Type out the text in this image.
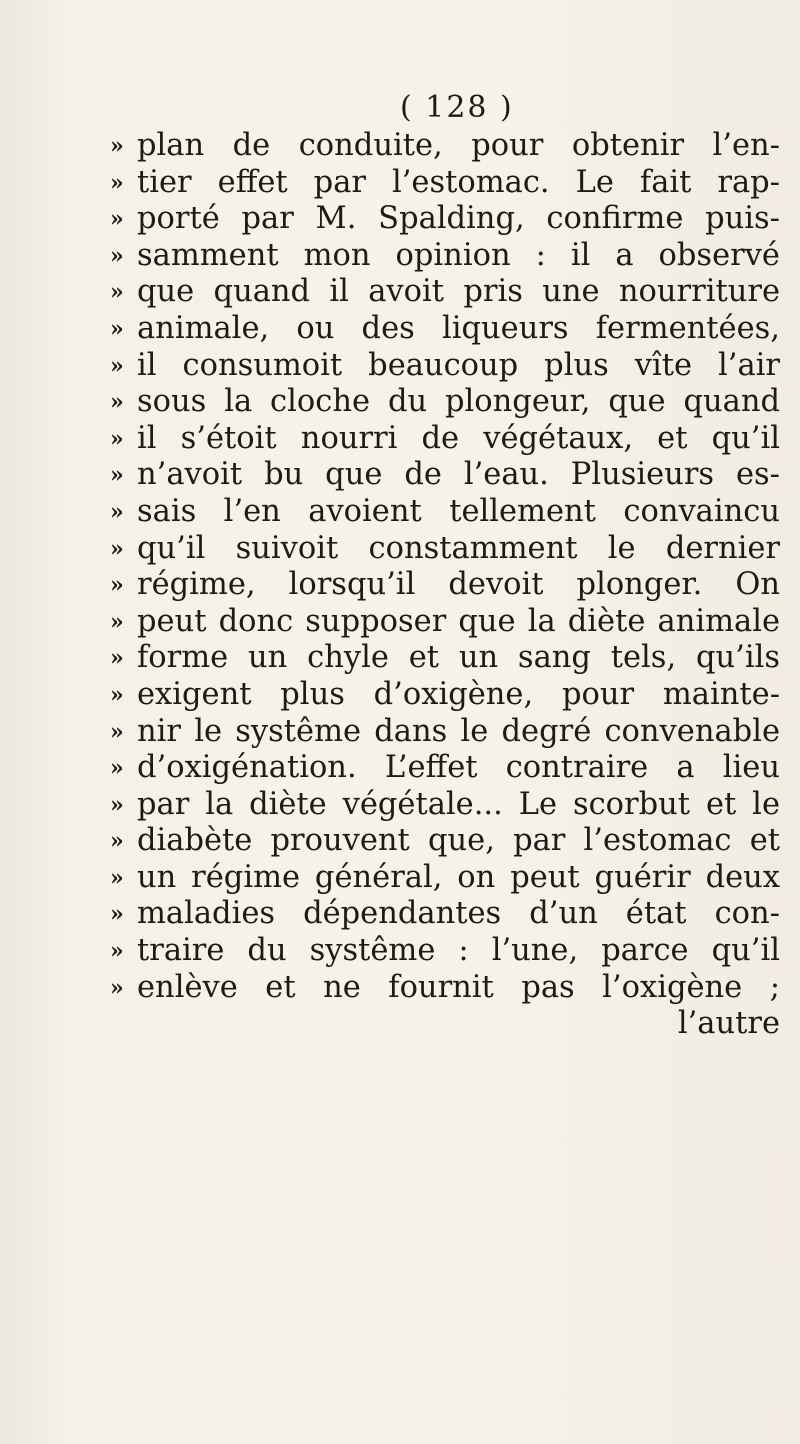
( 128 )
» plan de conduite, pour obtenir l’en-
» tier effet par l’estomac. Le fait rap-
» porté par M. Spalding, confirme puis-
» samment mon opinion : il a observé
» que quand il avoit pris une nourriture
» animale, ou des liqueurs fermentées,
» il consumoit beaucoup plus vîte l’air
» sous la cloche du plongeur, que quand
» il s’étoit nourri de végétaux, et qu’il
» n’avoit bu que de l’eau. Plusieurs es-
» sais l’en avoient tellement convaincu
» qu’il suivoit constamment le dernier
» régime, lorsqu’il devoit plonger. On
» peut donc supposer que la diète animale
» forme un chyle et un sang tels, qu’ils
» exigent plus d’oxigène, pour mainte-
» nir le systême dans le degré convenable
» d’oxigénation. L’effet contraire a lieu
» par la diète végétale... Le scorbut et le
» diabète prouvent que, par l’estomac et
» un régime général, on peut guérir deux
» maladies dépendantes d’un état con-
» traire du systême : l’une, parce qu’il
» enlève et ne fournit pas l’oxigène ;
l’autre
